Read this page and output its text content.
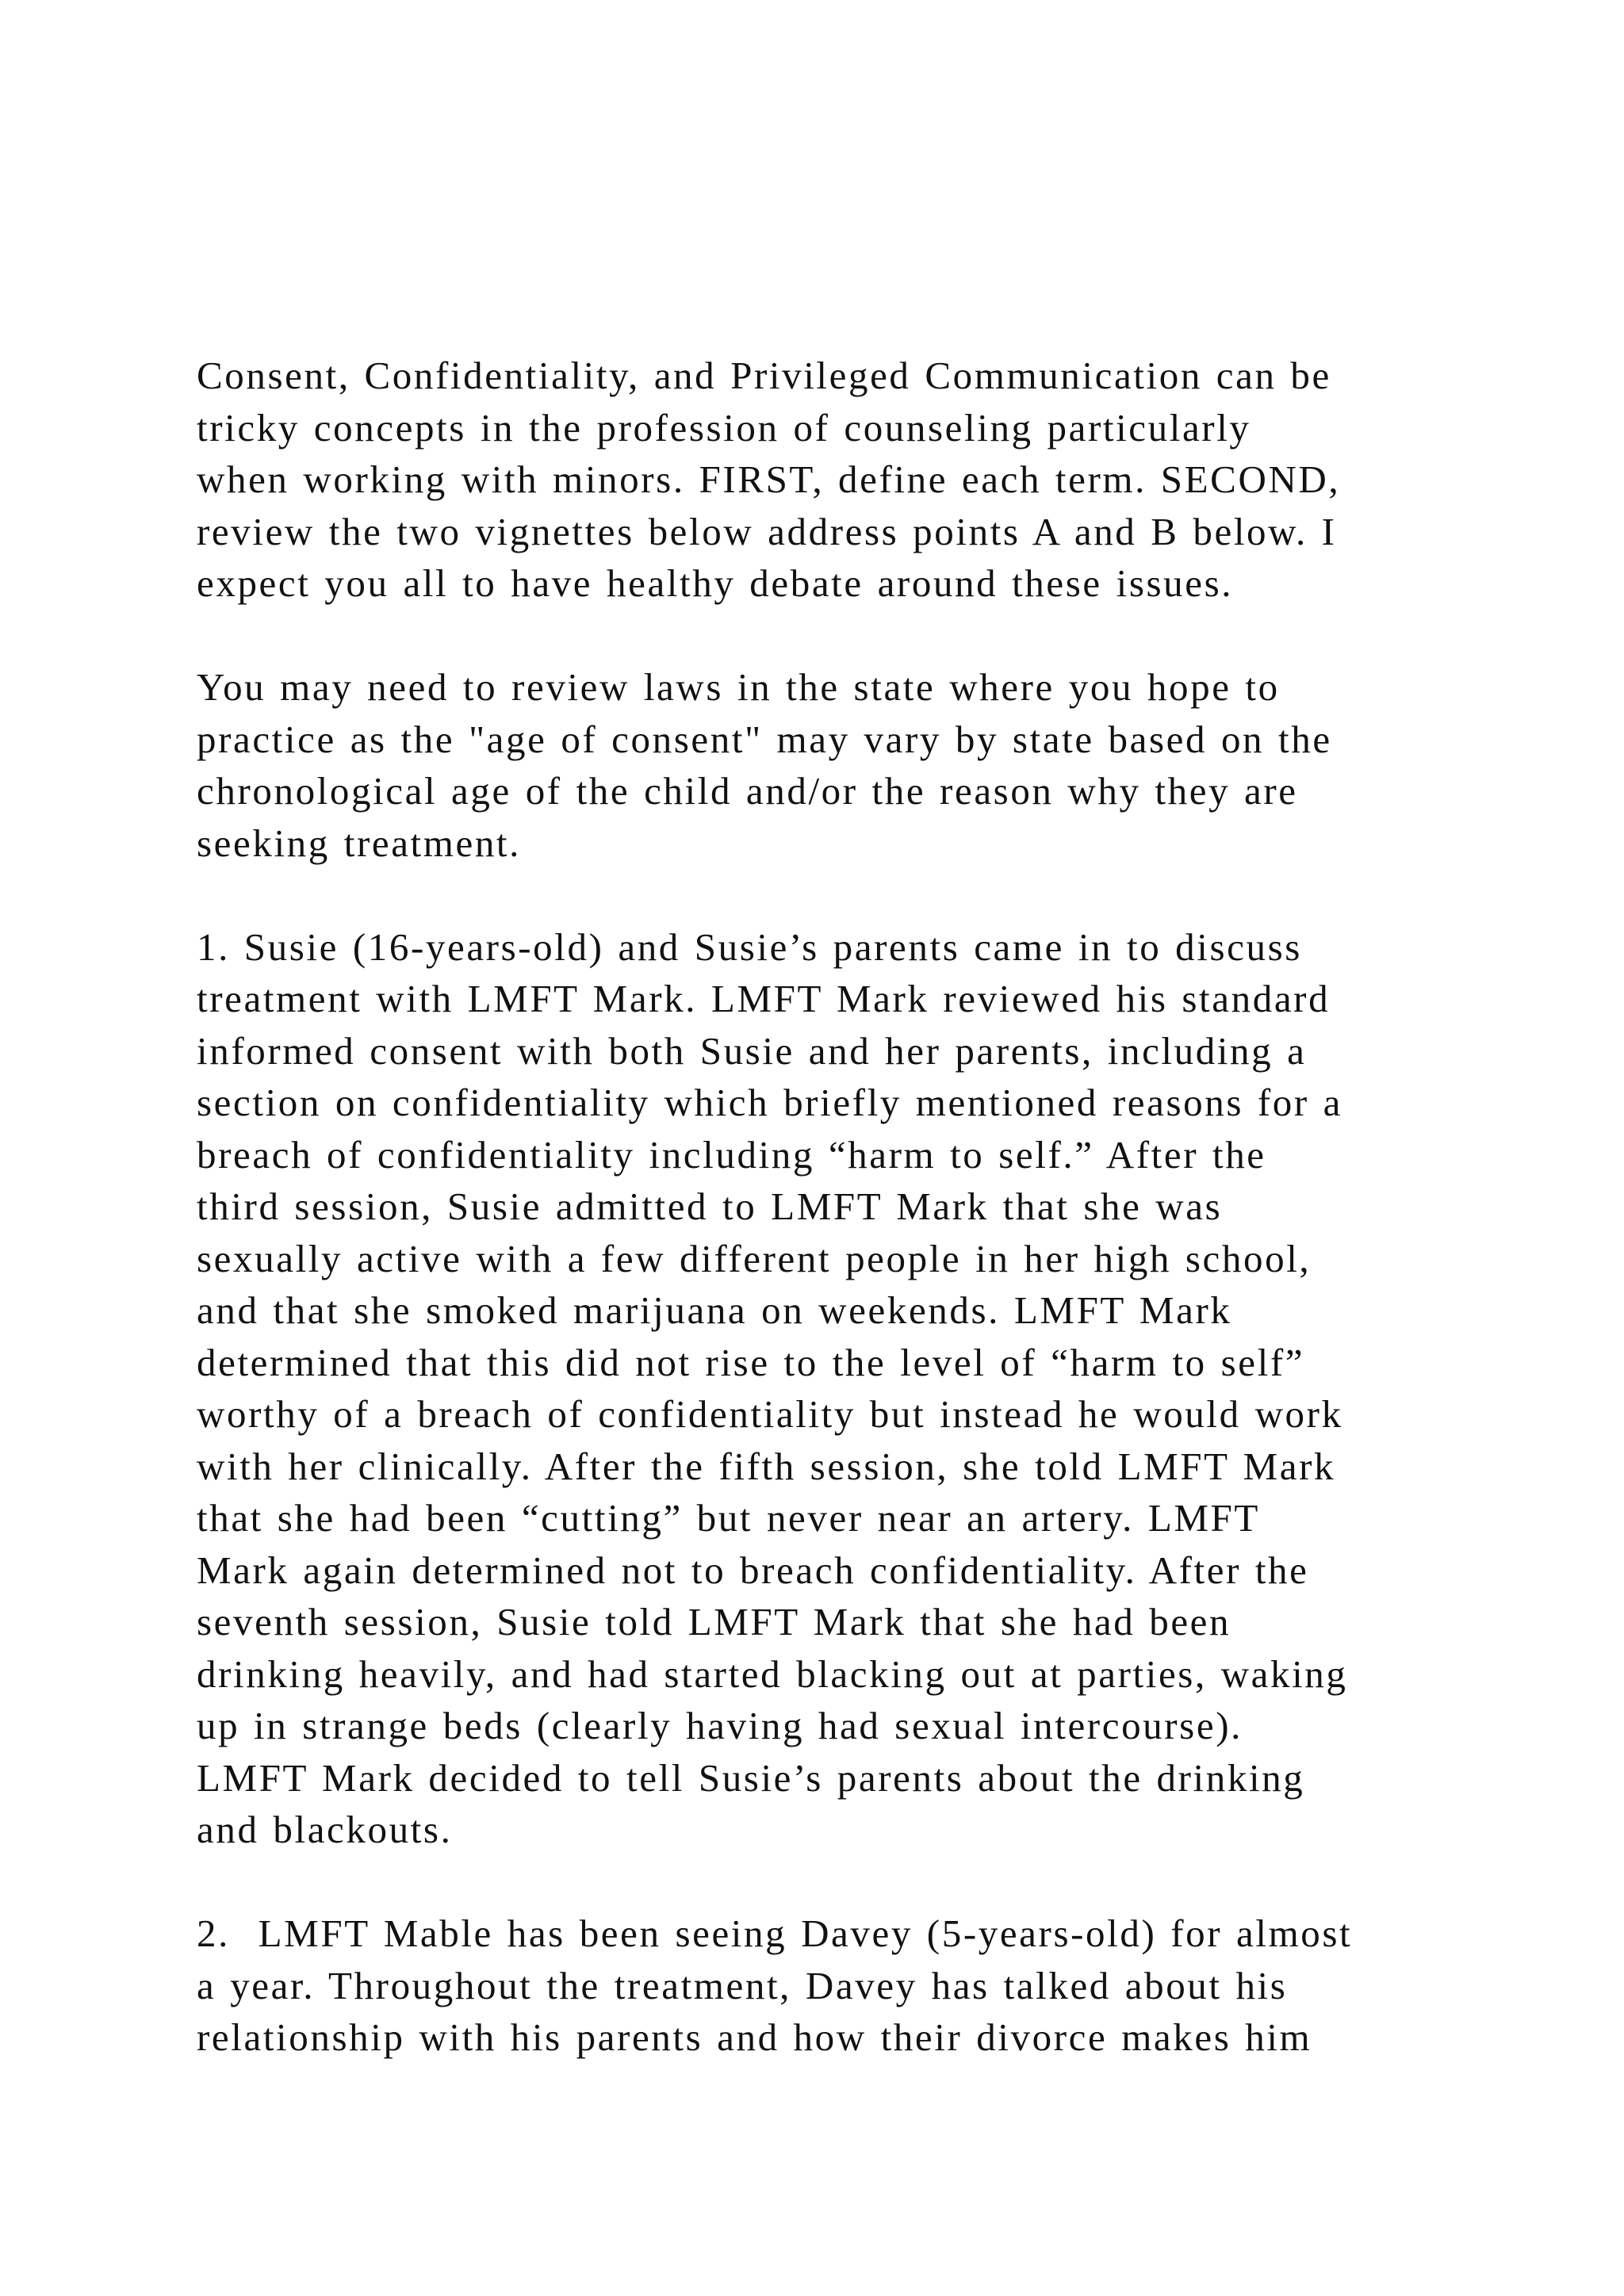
Consent, Confidentiality, and Privileged Communication can be
tricky concepts in the profession of counseling particularly
when working with minors. FIRST, define each term. SECOND,
review the two vignettes below address points A and B below. I
expect you all to have healthy debate around these issues.

You may need to review laws in the state where you hope to
practice as the "age of consent" may vary by state based on the
chronological age of the child and/or the reason why they are
seeking treatment.

1. Susie (16-years-old) and Susie’s parents came in to discuss
treatment with LMFT Mark. LMFT Mark reviewed his standard
informed consent with both Susie and her parents, including a
section on confidentiality which briefly mentioned reasons for a
breach of confidentiality including “harm to self.” After the
third session, Susie admitted to LMFT Mark that she was
sexually active with a few different people in her high school,
and that she smoked marijuana on weekends. LMFT Mark
determined that this did not rise to the level of “harm to self”
worthy of a breach of confidentiality but instead he would work
with her clinically. After the fifth session, she told LMFT Mark
that she had been “cutting” but never near an artery. LMFT
Mark again determined not to breach confidentiality. After the
seventh session, Susie told LMFT Mark that she had been
drinking heavily, and had started blacking out at parties, waking
up in strange beds (clearly having had sexual intercourse).
LMFT Mark decided to tell Susie’s parents about the drinking
and blackouts.

2.  LMFT Mable has been seeing Davey (5-years-old) for almost
a year. Throughout the treatment, Davey has talked about his
relationship with his parents and how their divorce makes him
